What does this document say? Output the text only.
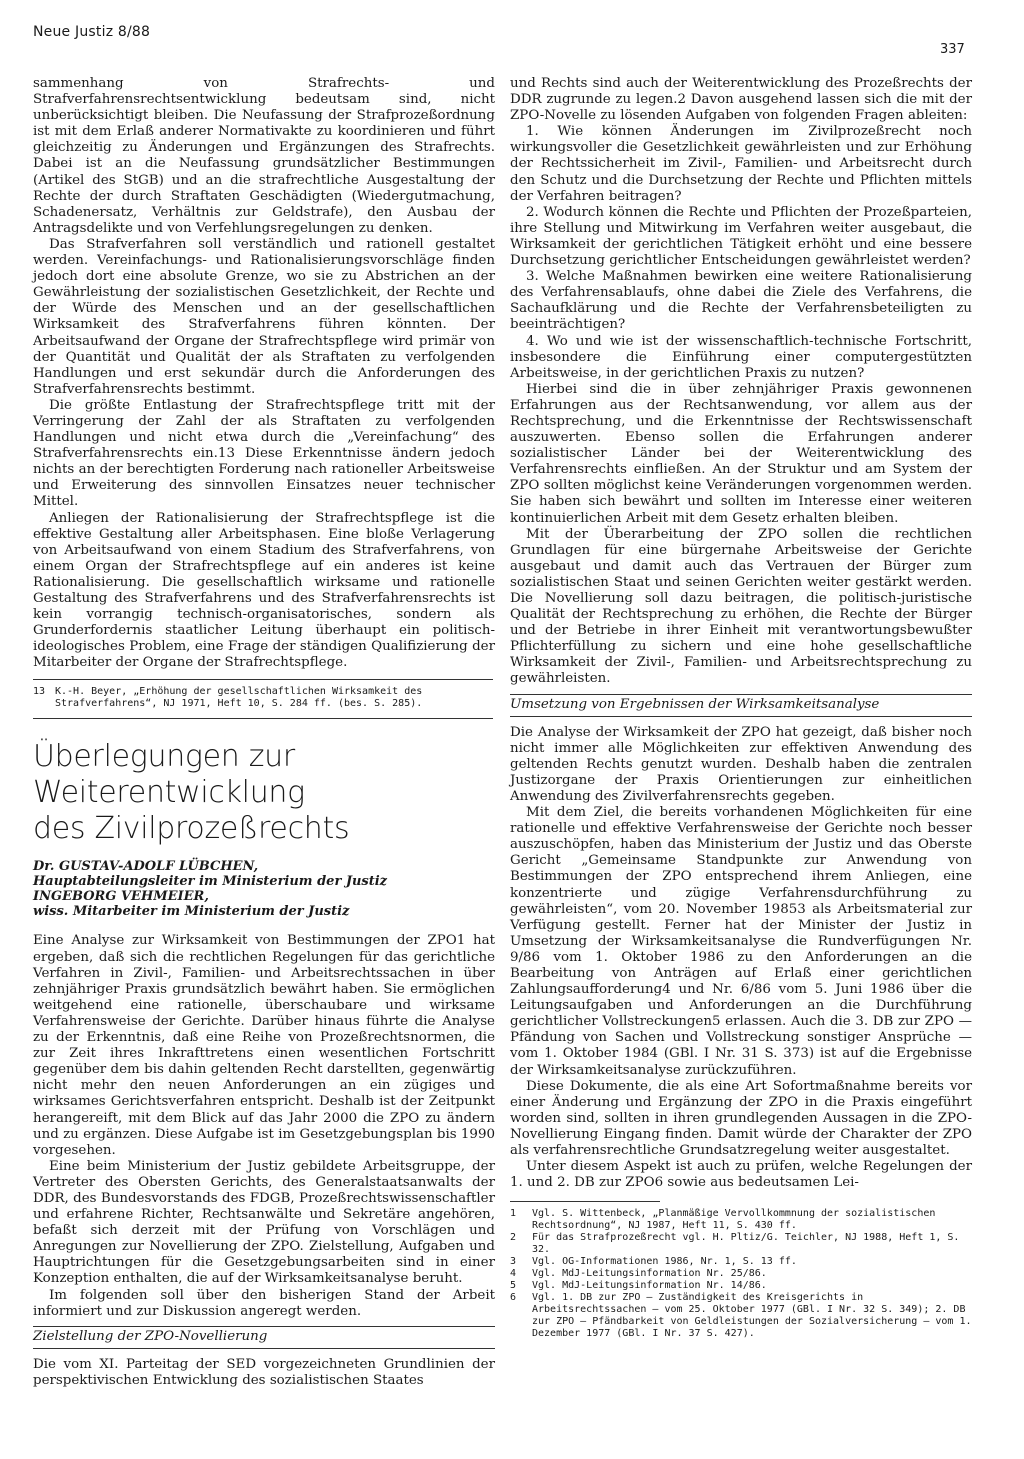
Neue Justiz 8/88
337

sammenhang von Strafrechts- und Strafverfahrensrechtsentwicklung bedeutsam sind, nicht unberücksichtigt bleiben. Die Neufassung der Strafprozeßordnung ist mit dem Erlaß anderer Normativakte zu koordinieren und führt gleichzeitig zu Änderungen und Ergänzungen des Strafrechts. Dabei ist an die Neufassung grundsätzlicher Bestimmungen (Artikel des StGB) und an die strafrechtliche Ausgestaltung der Rechte der durch Straftaten Geschädigten (Wiedergutmachung, Schadenersatz, Verhältnis zur Geldstrafe), den Ausbau der Antragsdelikte und von Verfehlungsregelungen zu denken.

Das Strafverfahren soll verständlich und rationell gestaltet werden. Vereinfachungs- und Rationalisierungsvorschläge finden jedoch dort eine absolute Grenze, wo sie zu Abstrichen an der Gewährleistung der sozialistischen Gesetzlichkeit, der Rechte und der Würde des Menschen und an der gesellschaftlichen Wirksamkeit des Strafverfahrens führen könnten. Der Arbeitsaufwand der Organe der Strafrechtspflege wird primär von der Quantität und Qualität der als Straftaten zu verfolgenden Handlungen und erst sekundär durch die Anforderungen des Strafverfahrensrechts bestimmt.

Die größte Entlastung der Strafrechtspflege tritt mit der Verringerung der Zahl der als Straftaten zu verfolgenden Handlungen und nicht etwa durch die „Vereinfachung“ des Strafverfahrensrechts ein.13 Diese Erkenntnisse ändern jedoch nichts an der berechtigten Forderung nach rationeller Arbeitsweise und Erweiterung des sinnvollen Einsatzes neuer technischer Mittel.

Anliegen der Rationalisierung der Strafrechtspflege ist die effektive Gestaltung aller Arbeitsphasen. Eine bloße Verlagerung von Arbeitsaufwand von einem Stadium des Strafverfahrens, von einem Organ der Strafrechtspflege auf ein anderes ist keine Rationalisierung. Die gesellschaftlich wirksame und rationelle Gestaltung des Strafverfahrens und des Strafverfahrensrechts ist kein vorrangig technisch-organisatorisches, sondern als Grunderfordernis staatlicher Leitung überhaupt ein politisch-ideologisches Problem, eine Frage der ständigen Qualifizierung der Mitarbeiter der Organe der Strafrechtspflege.

13 K.-H. Beyer, „Erhöhung der gesellschaftlichen Wirksamkeit des Strafverfahrens“, NJ 1971, Heft 10, S. 284 ff. (bes. S. 285).
Überlegungen zur Weiterentwicklung
des Zivilprozeßrechts
Dr. GUSTAV-ADOLF LÜBCHEN,
Hauptabteilungsleiter im Ministerium der Justiz
INGEBORG VEHMEIER,
wiss. Mitarbeiter im Ministerium der Justiz

Eine Analyse zur Wirksamkeit von Bestimmungen der ZPO1 hat ergeben, daß sich die rechtlichen Regelungen für das gerichtliche Verfahren in Zivil-, Familien- und Arbeitsrechtssachen in über zehnjähriger Praxis grundsätzlich bewährt haben. Sie ermöglichen weitgehend eine rationelle, überschaubare und wirksame Verfahrensweise der Gerichte. Darüber hinaus führte die Analyse zu der Erkenntnis, daß eine Reihe von Prozeßrechtsnormen, die zur Zeit ihres Inkrafttretens einen wesentlichen Fortschritt gegenüber dem bis dahin geltenden Recht darstellten, gegenwärtig nicht mehr den neuen Anforderungen an ein zügiges und wirksames Gerichtsverfahren entspricht. Deshalb ist der Zeitpunkt herangereift, mit dem Blick auf das Jahr 2000 die ZPO zu ändern und zu ergänzen. Diese Aufgabe ist im Gesetzgebungsplan bis 1990 vorgesehen.

Eine beim Ministerium der Justiz gebildete Arbeitsgruppe, der Vertreter des Obersten Gerichts, des Generalstaatsanwalts der DDR, des Bundesvorstands des FDGB, Prozeßrechtswissenschaftler und erfahrene Richter, Rechtsanwälte und Sekretäre angehören, befaßt sich derzeit mit der Prüfung von Vorschlägen und Anregungen zur Novellierung der ZPO. Zielstellung, Aufgaben und Hauptrichtungen für die Gesetzgebungsarbeiten sind in einer Konzeption enthalten, die auf der Wirksamkeitsanalyse beruht.

Im folgenden soll über den bisherigen Stand der Arbeit informiert und zur Diskussion angeregt werden.

Zielstellung der ZPO-Novellierung

Die vom XI. Parteitag der SED vorgezeichneten Grundlinien der perspektivischen Entwicklung des sozialistischen Staates

und Rechts sind auch der Weiterentwicklung des Prozeßrechts der DDR zugrunde zu legen.2 Davon ausgehend lassen sich die mit der ZPO-Novelle zu lösenden Aufgaben von folgenden Fragen ableiten:

1. Wie können Änderungen im Zivilprozeßrecht noch wirkungsvoller die Gesetzlichkeit gewährleisten und zur Erhöhung der Rechtssicherheit im Zivil-, Familien- und Arbeitsrecht durch den Schutz und die Durchsetzung der Rechte und Pflichten mittels der Verfahren beitragen?

2. Wodurch können die Rechte und Pflichten der Prozeßparteien, ihre Stellung und Mitwirkung im Verfahren weiter ausgebaut, die Wirksamkeit der gerichtlichen Tätigkeit erhöht und eine bessere Durchsetzung gerichtlicher Entscheidungen gewährleistet werden?

3. Welche Maßnahmen bewirken eine weitere Rationalisierung des Verfahrensablaufs, ohne dabei die Ziele des Verfahrens, die Sachaufklärung und die Rechte der Verfahrensbeteiligten zu beeinträchtigen?

4. Wo und wie ist der wissenschaftlich-technische Fortschritt, insbesondere die Einführung einer computergestützten Arbeitsweise, in der gerichtlichen Praxis zu nutzen?

Hierbei sind die in über zehnjähriger Praxis gewonnenen Erfahrungen aus der Rechtsanwendung, vor allem aus der Rechtsprechung, und die Erkenntnisse der Rechtswissenschaft auszuwerten. Ebenso sollen die Erfahrungen anderer sozialistischer Länder bei der Weiterentwicklung des Verfahrensrechts einfließen. An der Struktur und am System der ZPO sollten möglichst keine Veränderungen vorgenommen werden. Sie haben sich bewährt und sollten im Interesse einer weiteren kontinuierlichen Arbeit mit dem Gesetz erhalten bleiben.

Mit der Überarbeitung der ZPO sollen die rechtlichen Grundlagen für eine bürgernahe Arbeitsweise der Gerichte ausgebaut und damit auch das Vertrauen der Bürger zum sozialistischen Staat und seinen Gerichten weiter gestärkt werden. Die Novellierung soll dazu beitragen, die politisch-juristische Qualität der Rechtsprechung zu erhöhen, die Rechte der Bürger und der Betriebe in ihrer Einheit mit verantwortungsbewußter Pflichterfüllung zu sichern und eine hohe gesellschaftliche Wirksamkeit der Zivil-, Familien- und Arbeitsrechtsprechung zu gewährleisten.

Umsetzung von Ergebnissen der Wirksamkeitsanalyse

Die Analyse der Wirksamkeit der ZPO hat gezeigt, daß bisher noch nicht immer alle Möglichkeiten zur effektiven Anwendung des geltenden Rechts genutzt wurden. Deshalb haben die zentralen Justizorgane der Praxis Orientierungen zur einheitlichen Anwendung des Zivilverfahrensrechts gegeben.

Mit dem Ziel, die bereits vorhandenen Möglichkeiten für eine rationelle und effektive Verfahrensweise der Gerichte noch besser auszuschöpfen, haben das Ministerium der Justiz und das Oberste Gericht „Gemeinsame Standpunkte zur Anwendung von Bestimmungen der ZPO entsprechend ihrem Anliegen, eine konzentrierte und zügige Verfahrensdurchführung zu gewährleisten“, vom 20. November 19853 als Arbeitsmaterial zur Verfügung gestellt. Ferner hat der Minister der Justiz in Umsetzung der Wirksamkeitsanalyse die Rundverfügungen Nr. 9/86 vom 1. Oktober 1986 zu den Anforderungen an die Bearbeitung von Anträgen auf Erlaß einer gerichtlichen Zahlungsaufforderung4 und Nr. 6/86 vom 5. Juni 1986 über die Leitungsaufgaben und Anforderungen an die Durchführung gerichtlicher Vollstreckungen5 erlassen. Auch die 3. DB zur ZPO — Pfändung von Sachen und Vollstreckung sonstiger Ansprüche — vom 1. Oktober 1984 (GBl. I Nr. 31 S. 373) ist auf die Ergebnisse der Wirksamkeitsanalyse zurückzuführen.

Diese Dokumente, die als eine Art Sofortmaßnahme bereits vor einer Änderung und Ergänzung der ZPO in die Praxis eingeführt worden sind, sollten in ihren grundlegenden Aussagen in die ZPO-Novellierung Eingang finden. Damit würde der Charakter der ZPO als verfahrensrechtliche Grundsatzregelung weiter ausgestaltet.

Unter diesem Aspekt ist auch zu prüfen, welche Regelungen der 1. und 2. DB zur ZPO6 sowie aus bedeutsamen Lei-

1	Vgl. S. Wittenbeck, „Planmäßige Vervollkommnung der sozialistischen Rechtsordnung“, NJ 1987, Heft 11, S. 430 ff.
2	Für das Strafprozeßrecht vgl. H. Pltiz/G. Teichler, NJ 1988, Heft 1, S. 32.
3	Vgl. OG-Informationen 1986, Nr. 1, S. 13 ff.
4	Vgl. MdJ-Leitungsinformation Nr. 25/86.
5	Vgl. MdJ-Leitungsinformation Nr. 14/86.
6	Vgl. 1. DB zur ZPO — Zuständigkeit des Kreisgerichts in Arbeitsrechtssachen — vom 25. Oktober 1977 (GBl. I Nr. 32 S. 349); 2. DB zur ZPO — Pfändbarkeit von Geldleistungen der Sozialversicherung — vom 1. Dezember 1977 (GBl. I Nr. 37 S. 427).
